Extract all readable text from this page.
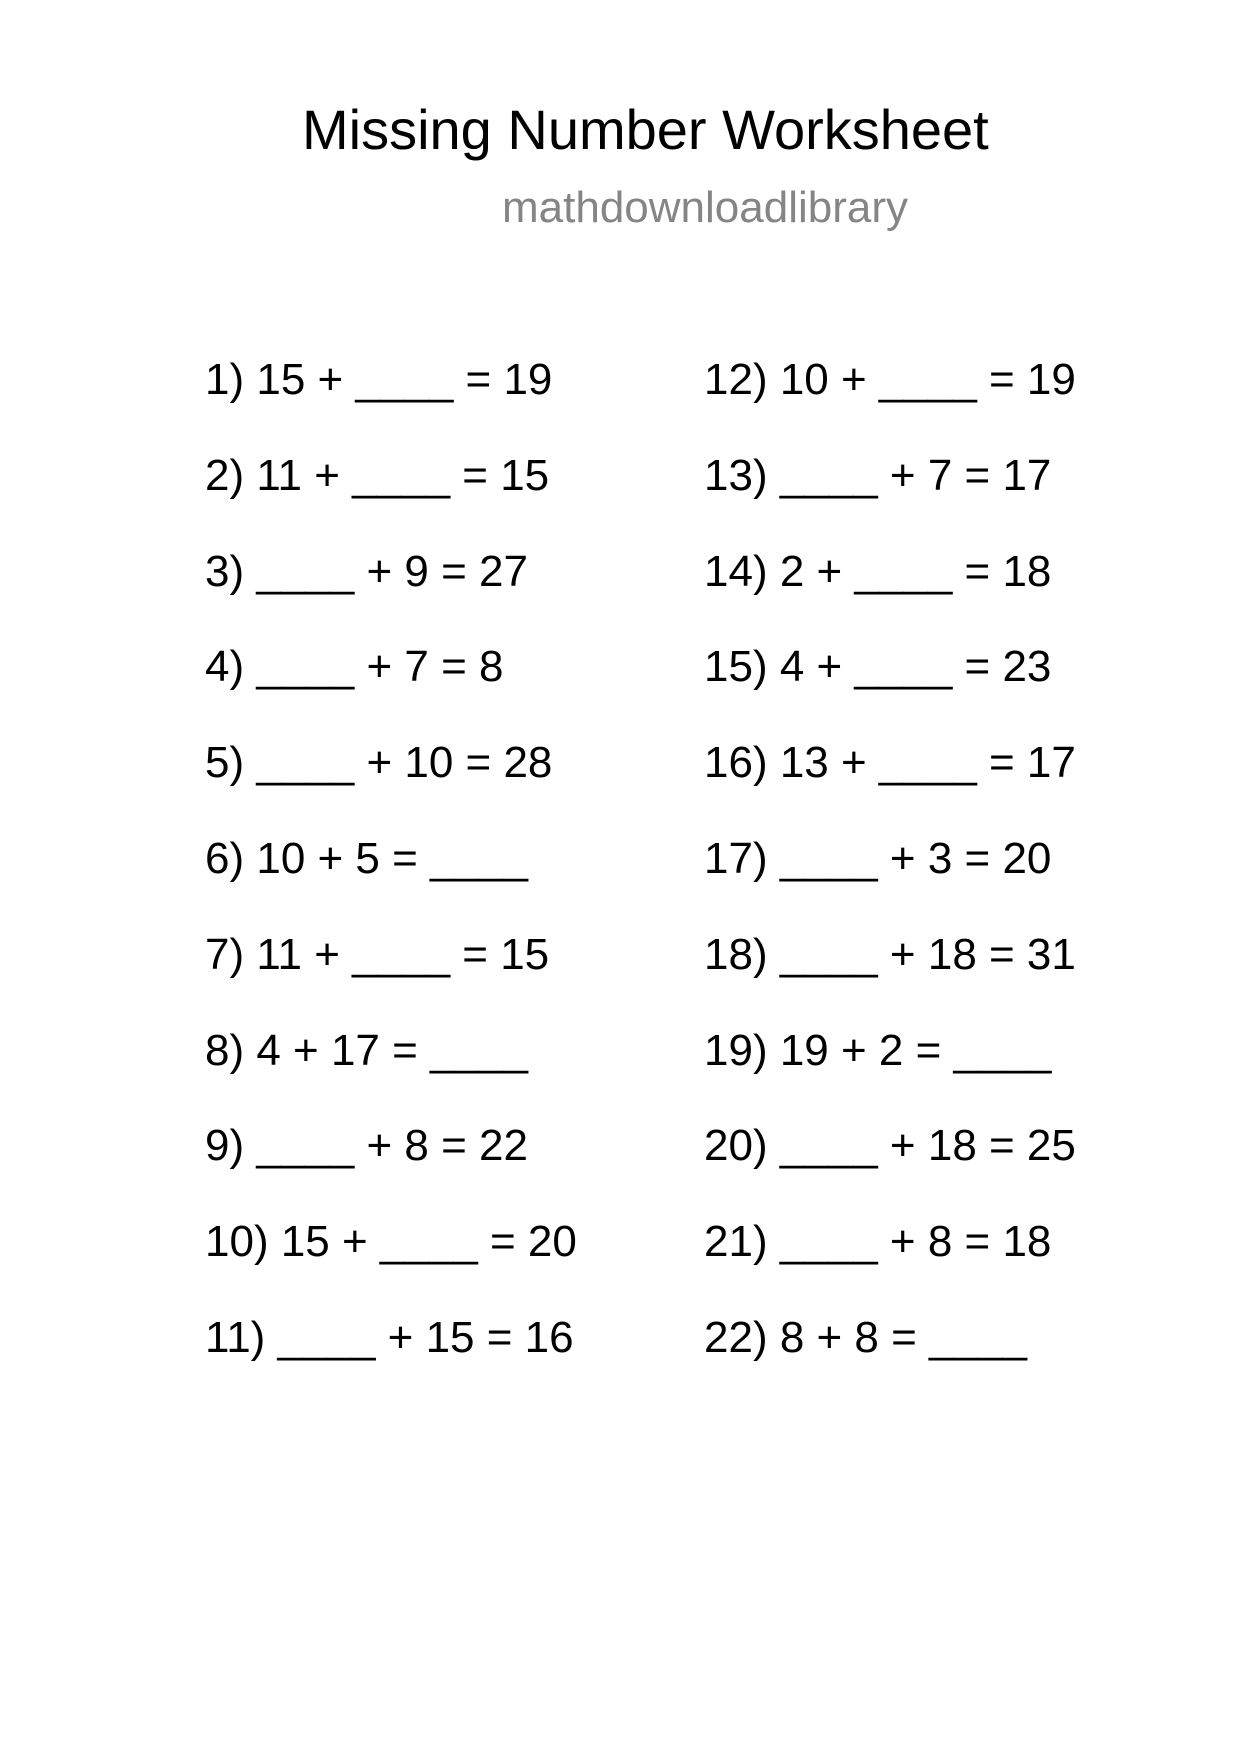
Missing Number Worksheet
mathdownloadlibrary
1) 15 + ____ = 19
2) 11 + ____ = 15
3) ____ + 9 = 27
4) ____ + 7 = 8
5) ____ + 10 = 28
6) 10 + 5 = ____
7) 11 + ____ = 15
8) 4 + 17 = ____
9) ____ + 8 = 22
10) 15 + ____ = 20
11) ____ + 15 = 16
12) 10 + ____ = 19
13) ____ + 7 = 17
14) 2 + ____ = 18
15) 4 + ____ = 23
16) 13 + ____ = 17
17) ____ + 3 = 20
18) ____ + 18 = 31
19) 19 + 2 = ____
20) ____ + 18 = 25
21) ____ + 8 = 18
22) 8 + 8 = ____
